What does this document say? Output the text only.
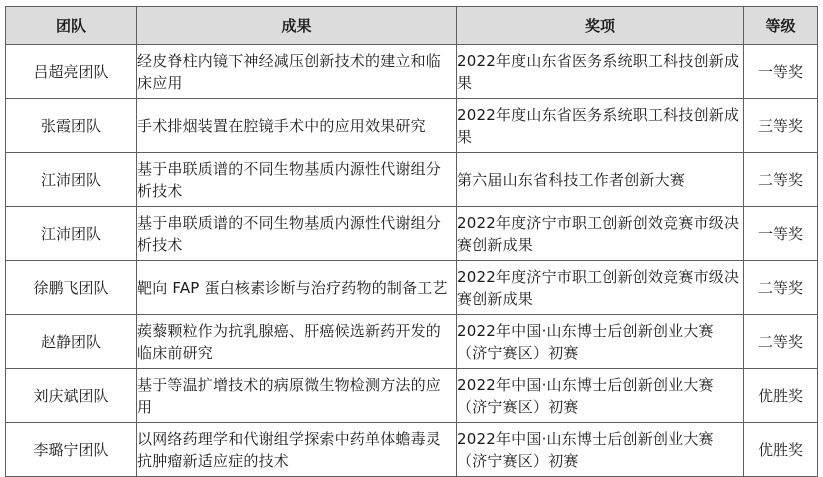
团队	成果	奖项	等级
吕超亮团队	经皮脊柱内镜下神经减压创新技术的建立和临床应用	2022年度山东省医务系统职工科技创新成果	一等奖
张霞团队	手术排烟装置在腔镜手术中的应用效果研究	2022年度山东省医务系统职工科技创新成果	三等奖
江沛团队	基于串联质谱的不同生物基质内源性代谢组分析技术	第六届山东省科技工作者创新大赛	二等奖
江沛团队	基于串联质谱的不同生物基质内源性代谢组分析技术	2022年度济宁市职工创新创效竞赛市级决赛创新成果	一等奖
徐鹏飞团队	靶向 FAP 蛋白核素诊断与治疗药物的制备工艺	2022年度济宁市职工创新创效竞赛市级决赛创新成果	二等奖
赵静团队	蒺藜颗粒作为抗乳腺癌、肝癌候选新药开发的临床前研究	2022年中国·山东博士后创新创业大赛（济宁赛区）初赛	二等奖
刘庆斌团队	基于等温扩增技术的病原微生物检测方法的应用	2022年中国·山东博士后创新创业大赛（济宁赛区）初赛	优胜奖
李璐宁团队	以网络药理学和代谢组学探索中药单体蟾毒灵抗肿瘤新适应症的技术	2022年中国·山东博士后创新创业大赛（济宁赛区）初赛	优胜奖
